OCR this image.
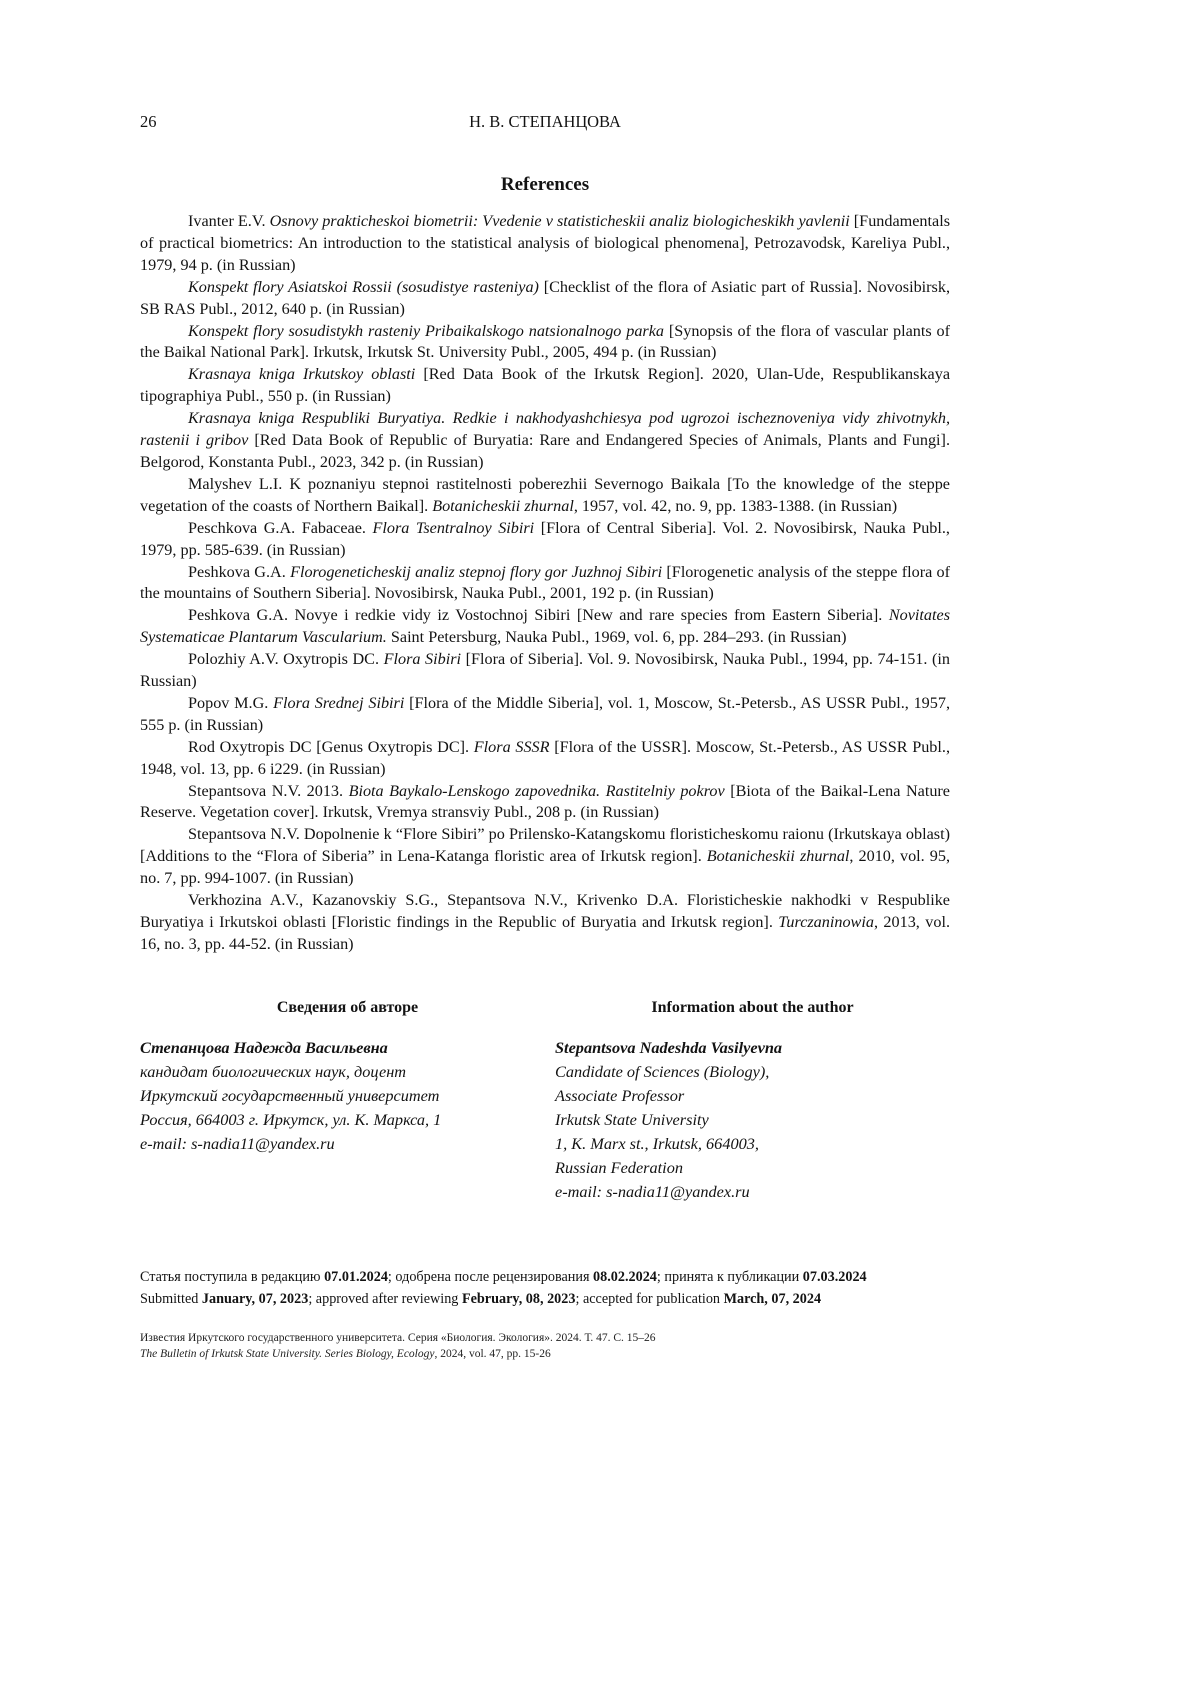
26	Н. В. СТЕПАНЦОВА
References

Ivanter E.V. Osnovy prakticheskoi biometrii: Vvedenie v statisticheskii analiz biologicheskikh yavlenii [Fundamentals of practical biometrics: An introduction to the statistical analysis of biological phenomena], Petrozavodsk, Kareliya Publ., 1979, 94 p. (in Russian)

Konspekt flory Asiatskoi Rossii (sosudistye rasteniya) [Checklist of the flora of Asiatic part of Russia]. Novosibirsk, SB RAS Publ., 2012, 640 p. (in Russian)

Konspekt flory sosudistykh rasteniy Pribaikalskogo natsionalnogo parka [Synopsis of the flora of vascular plants of the Baikal National Park]. Irkutsk, Irkutsk St. University Publ., 2005, 494 p. (in Russian)

Krasnaya kniga Irkutskoy oblasti [Red Data Book of the Irkutsk Region]. 2020, Ulan-Ude, Respublikanskaya tipographiya Publ., 550 p. (in Russian)

Krasnaya kniga Respubliki Buryatiya. Redkie i nakhodyashchiesya pod ugrozoi ischeznoveniya vidy zhivotnykh, rastenii i gribov [Red Data Book of Republic of Buryatia: Rare and Endangered Species of Animals, Plants and Fungi]. Belgorod, Konstanta Publ., 2023, 342 p. (in Russian)

Malyshev L.I. K poznaniyu stepnoi rastitelnosti poberezhii Severnogo Baikala [To the knowledge of the steppe vegetation of the coasts of Northern Baikal]. Botanicheskii zhurnal, 1957, vol. 42, no. 9, pp. 1383-1388. (in Russian)

Peschkova G.A. Fabaceae. Flora Tsentralnoy Sibiri [Flora of Central Siberia]. Vol. 2. Novosibirsk, Nauka Publ., 1979, pp. 585-639. (in Russian)

Peshkova G.A. Florogeneticheskij analiz stepnoj flory gor Juzhnoj Sibiri [Florogenetic analysis of the steppe flora of the mountains of Southern Siberia]. Novosibirsk, Nauka Publ., 2001, 192 p. (in Russian)

Peshkova G.A. Novye i redkie vidy iz Vostochnoj Sibiri [New and rare species from Eastern Siberia]. Novitates Systematicae Plantarum Vascularium. Saint Petersburg, Nauka Publ., 1969, vol. 6, pp. 284–293. (in Russian)

Polozhiy A.V. Oxytropis DC. Flora Sibiri [Flora of Siberia]. Vol. 9. Novosibirsk, Nauka Publ., 1994, pp. 74-151. (in Russian)

Popov M.G. Flora Srednej Sibiri [Flora of the Middle Siberia], vol. 1, Moscow, St.-Petersb., AS USSR Publ., 1957, 555 p. (in Russian)

Rod Oxytropis DC [Genus Oxytropis DC]. Flora SSSR [Flora of the USSR]. Moscow, St.-Petersb., AS USSR Publ., 1948, vol. 13, pp. 6 i229. (in Russian)

Stepantsova N.V. 2013. Biota Baykalo-Lenskogo zapovednika. Rastitelniy pokrov [Biota of the Baikal-Lena Nature Reserve. Vegetation cover]. Irkutsk, Vremya stransviy Publ., 208 p. (in Russian)

Stepantsova N.V. Dopolnenie k “Flore Sibiri” po Prilensko-Katangskomu floristicheskomu raionu (Irkutskaya oblast) [Additions to the “Flora of Siberia” in Lena-Katanga floristic area of Irkutsk region]. Botanicheskii zhurnal, 2010, vol. 95, no. 7, pp. 994-1007. (in Russian)

Verkhozina A.V., Kazanovskiy S.G., Stepantsova N.V., Krivenko D.A. Floristicheskie nakhodki v Respublike Buryatiya i Irkutskoi oblasti [Floristic findings in the Republic of Buryatia and Irkutsk region]. Turczaninowia, 2013, vol. 16, no. 3, pp. 44-52. (in Russian)

Сведения об авторе
Степанцова Надежда Васильевна
кандидат биологических наук, доцент
Иркутский государственный университет
Россия, 664003 г. Иркутск, ул. К. Маркса, 1
e-mail: s-nadia11@yandex.ru
Information about the author
Stepantsova Nadeshda Vasilyevna
Candidate of Sciences (Biology),
Associate Professor
Irkutsk State University
1, K. Marx st., Irkutsk, 664003,
Russian Federation
e-mail: s-nadia11@yandex.ru
Статья поступила в редакцию 07.01.2024; одобрена после рецензирования 08.02.2024; принята к публикации 07.03.2024
Submitted January, 07, 2023; approved after reviewing February, 08, 2023; accepted for publication March, 07, 2024
Известия Иркутского государственного университета. Серия «Биология. Экология». 2024. Т. 47. С. 15–26
The Bulletin of Irkutsk State University. Series Biology, Ecology, 2024, vol. 47, pp. 15-26
